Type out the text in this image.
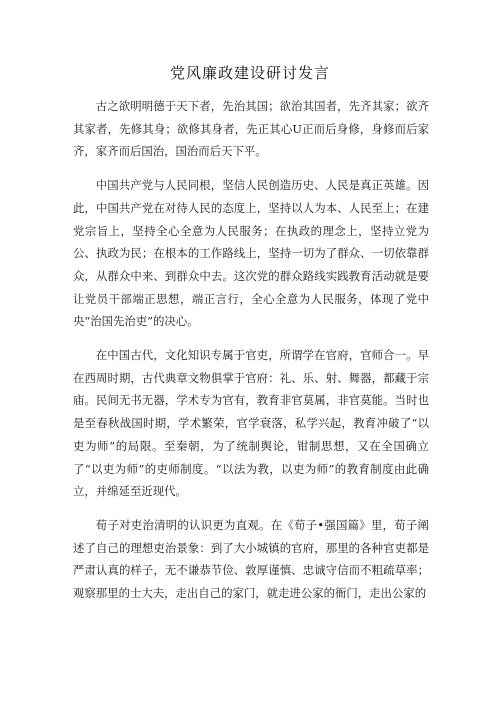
党风廉政建设研讨发言

古之欲明明德于天下者，先治其国；欲治其国者，先齐其家；欲齐其家者，先修其身；欲修其身者，先正其心U正而后身修，身修而后家齐，家齐而后国治，国治而后天下平。

中国共产党与人民同根，坚信人民创造历史、人民是真正英雄。因此，中国共产党在对待人民的态度上，坚持以人为本、人民至上；在建党宗旨上，坚持全心全意为人民服务；在执政的理念上，坚持立党为公、执政为民；在根本的工作路线上，坚持一切为了群众、一切依靠群众，从群众中来、到群众中去。这次党的群众路线实践教育活动就是要让党员干部端正思想，端正言行，全心全意为人民服务，体现了党中央“治国先治吏”的决心。

在中国古代，文化知识专属于官吏，所谓学在官府，官师合一。早在西周时期，古代典章文物俱掌于官府：礼、乐、射、舞器，都藏于宗庙。民间无书无器，学术专为官有，教育非官莫属，非官莫能。当时也是至春秋战国时期，学术繁荣，官学衰落，私学兴起，教育冲破了“以吏为师”的局限。至秦朝，为了统制舆论，钳制思想，又在全国确立了“以吏为师”的吏师制度。“以法为教，以吏为师”的教育制度由此确立，并绵延至近现代。

荀子对吏治清明的认识更为直观。在《荀子•强国篇》里，荀子阐述了自己的理想吏治景象：到了大小城镇的官府，那里的各种官吏都是严肃认真的样子，无不谦恭节俭、敦厚谨慎、忠诚守信而不粗疏草率；观察那里的士大夫，走出自己的家门，就走进公家的衙门，走出公家的
